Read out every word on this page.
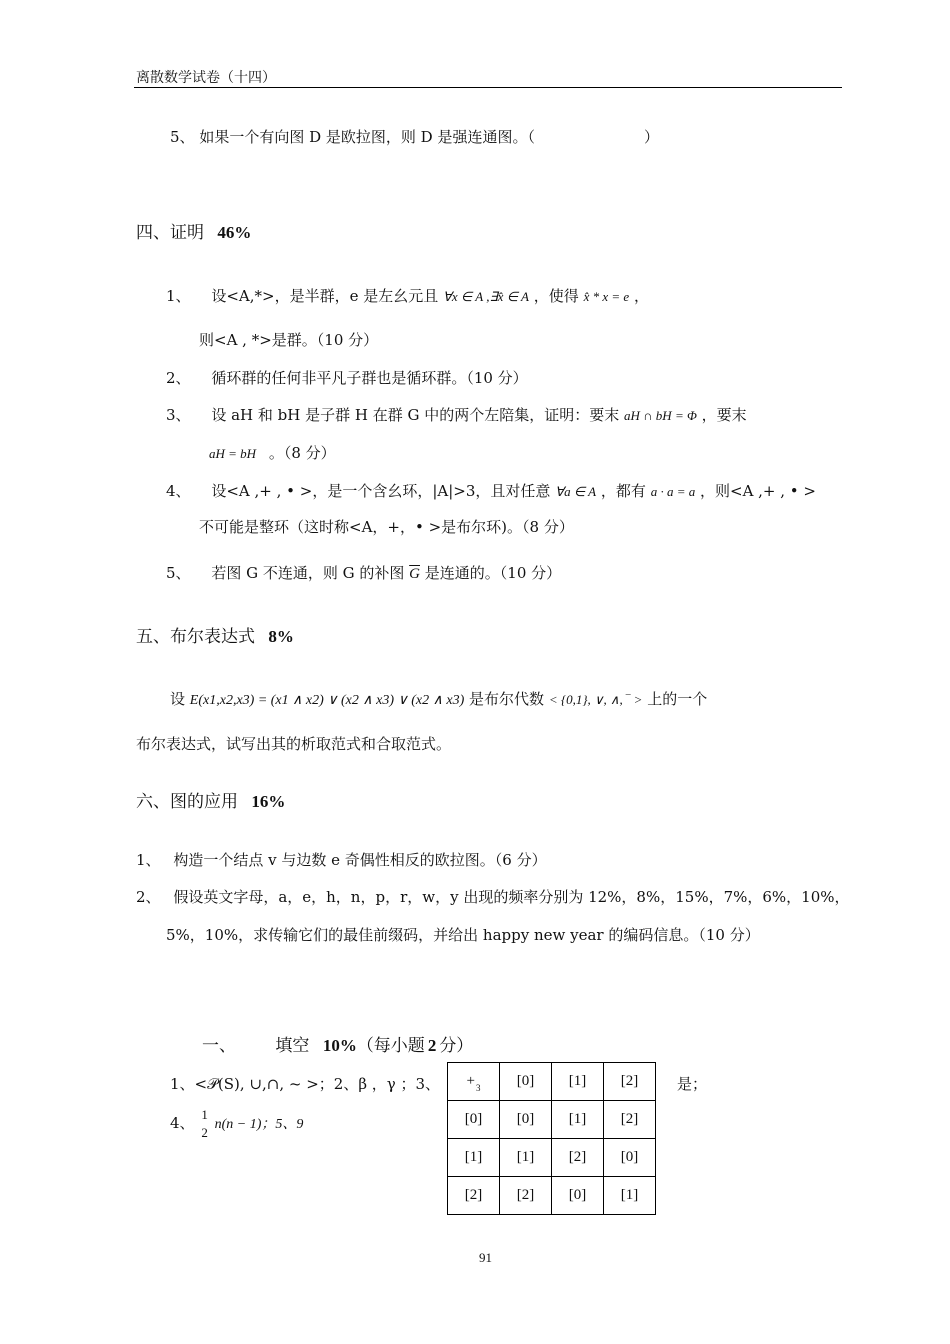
离散数学试卷（十四）
5、 如果一个有向图 D 是欧拉图，则 D 是强连通图。（	）
四、证明 46%
1、 设<A,*>，是半群，e 是左幺元且 ∀x ∈ A ,∃x̂ ∈ A ，使得 x̂ * x = e ，
则<A , *>是群。（10 分）
2、 循环群的任何非平凡子群也是循环群。（10 分）
3、 设 aH 和 bH 是子群 H 在群 G 中的两个左陪集，证明：要末 aH ∩ bH = Φ ，要末
aH = bH 。（8 分）
4、 设<A ,+ , • >，是一个含幺环，|A|>3，且对任意 ∀a ∈ A ，都有 a · a = a ，则<A ,+ , • >
不可能是整环（这时称<A，+，• >是布尔环)。（8 分）
5、 若图 G 不连通，则 G 的补图 $\overline{G}$ 是连通的。（10 分）
五、布尔表达式 8%
设 E(x1,x2,x3) = (x1 ∧ x2) ∨ (x2 ∧ x3) ∨ (x2 ∧ x3) 是布尔代数 < {0,1}, ∨, ∧, ‾ > 上的一个
布尔表达式，试写出其的析取范式和合取范式。
六、图的应用 16%
1、 构造一个结点 v 与边数 e 奇偶性相反的欧拉图。（6 分）
2、 假设英文字母，a，e，h，n，p，r，w，y 出现的频率分别为 12%，8%，15%，7%，6%，10%，
5%，10%，求传输它们的最佳前缀码，并给出 happy new year 的编码信息。（10 分）
一、 填空 10%（每小题 2 分）
1、<𝒫(S), ∪,∩, ~ >；2、β ，γ ；3、
4、 1
2
n(n − 1)；5、9
$+_3$	[0]	[1]	[2]
[0]	[0]	[1]	[2]
[1]	[1]	[2]	[0]
[2]	[2]	[0]	[1]
是；
91
